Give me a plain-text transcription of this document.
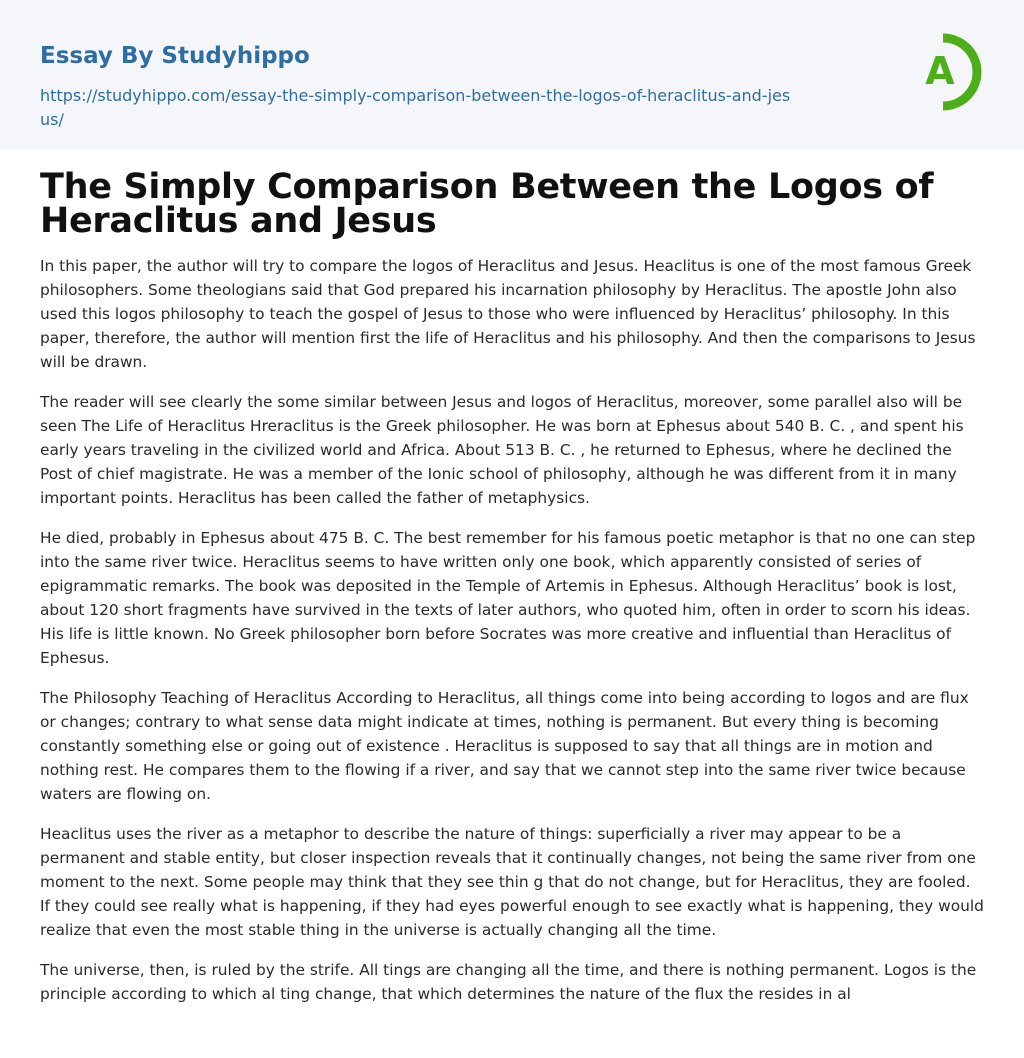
Essay By Studyhippo
https://studyhippo.com/essay-the-simply-comparison-between-the-logos-of-heraclitus-and-jesus/
A
The Simply Comparison Between the Logos of Heraclitus and Jesus

In this paper, the author will try to compare the logos of Heraclitus and Jesus. Heaclitus is one of the most famous Greek philosophers. Some theologians said that God prepared his incarnation philosophy by Heraclitus. The apostle John also used this logos philosophy to teach the gospel of Jesus to those who were influenced by Heraclitus’ philosophy. In this paper, therefore, the author will mention first the life of Heraclitus and his philosophy. And then the comparisons to Jesus will be drawn.

The reader will see clearly the some similar between Jesus and logos of Heraclitus, moreover, some parallel also will be seen The Life of Heraclitus Hreraclitus is the Greek philosopher. He was born at Ephesus about 540 B. C. , and spent his early years traveling in the civilized world and Africa. About 513 B. C. , he returned to Ephesus, where he declined the Post of chief magistrate. He was a member of the Ionic school of philosophy, although he was different from it in many important points. Heraclitus has been called the father of metaphysics.

He died, probably in Ephesus about 475 B. C. The best remember for his famous poetic metaphor is that no one can step into the same river twice. Heraclitus seems to have written only one book, which apparently consisted of series of epigrammatic remarks. The book was deposited in the Temple of Artemis in Ephesus. Although Heraclitus’ book is lost, about 120 short fragments have survived in the texts of later authors, who quoted him, often in order to scorn his ideas. His life is little known. No Greek philosopher born before Socrates was more creative and influential than Heraclitus of Ephesus.

The Philosophy Teaching of Heraclitus According to Heraclitus, all things come into being according to logos and are flux or changes; contrary to what sense data might indicate at times, nothing is permanent. But every thing is becoming constantly something else or going out of existence . Heraclitus is supposed to say that all things are in motion and nothing rest. He compares them to the flowing if a river, and say that we cannot step into the same river twice because waters are flowing on.

Heaclitus uses the river as a metaphor to describe the nature of things: superficially a river may appear to be a permanent and stable entity, but closer inspection reveals that it continually changes, not being the same river from one moment to the next. Some people may think that they see thin g that do not change, but for Heraclitus, they are fooled. If they could see really what is happening, if they had eyes powerful enough to see exactly what is happening, they would realize that even the most stable thing in the universe is actually changing all the time.

The universe, then, is ruled by the strife. All tings are changing all the time, and there is nothing permanent. Logos is the principle according to which al ting change, that which determines the nature of the flux the resides in al
